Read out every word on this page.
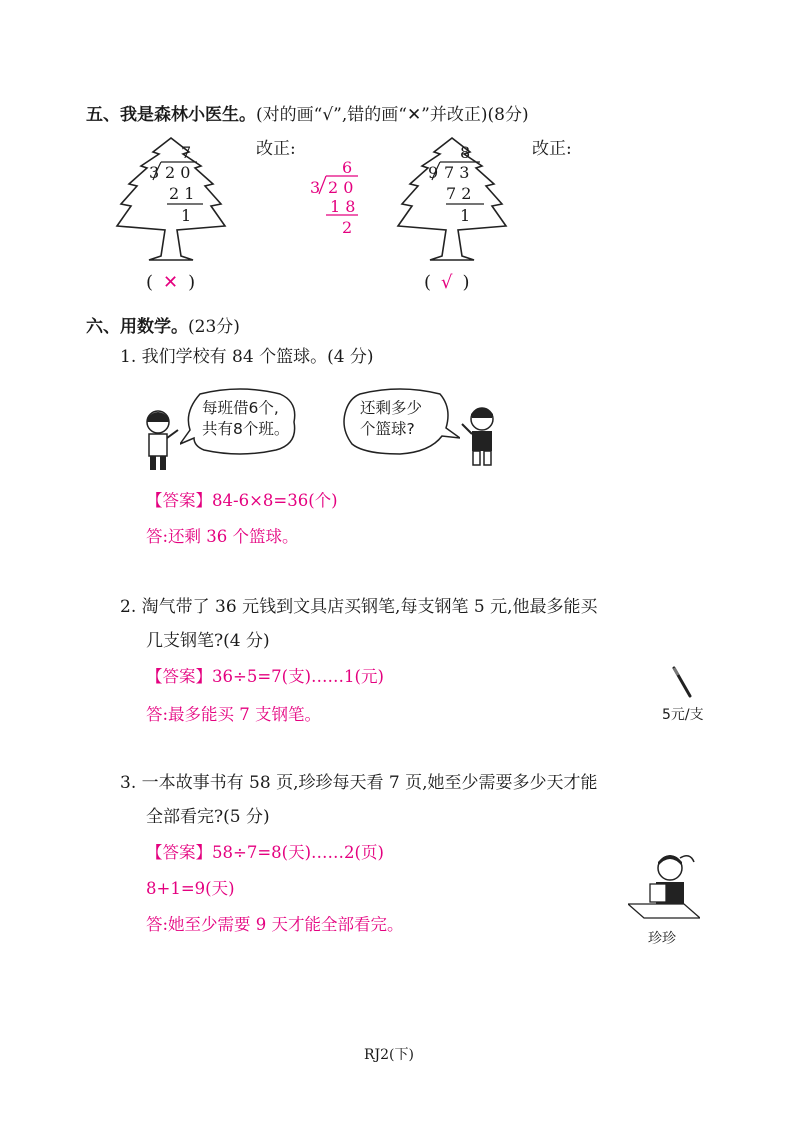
五、我是森林小医生。(对的画“√”,错的画“✕”并改正)(8分)
7
3 2 0
2 1
1
( ✕ )
改正:
6
3 2 0
1 8
2
8
9 7 3
7 2
1
( √ )
改正:
六、用数学。(23分)
1. 我们学校有 84 个篮球。(4 分)
每班借6个,
共有8个班。
还剩多少
个篮球?
【答案】84-6×8=36(个)
答:还剩 36 个篮球。
2. 淘气带了 36 元钱到文具店买钢笔,每支钢笔 5 元,他最多能买
几支钢笔?(4 分)
【答案】36÷5=7(支)……1(元)
答:最多能买 7 支钢笔。	5元/支
3. 一本故事书有 58 页,珍珍每天看 7 页,她至少需要多少天才能
全部看完?(5 分)
【答案】58÷7=8(天)……2(页)
8+1=9(天)
答:她至少需要 9 天才能全部看完。
珍珍
RJ2(下)
